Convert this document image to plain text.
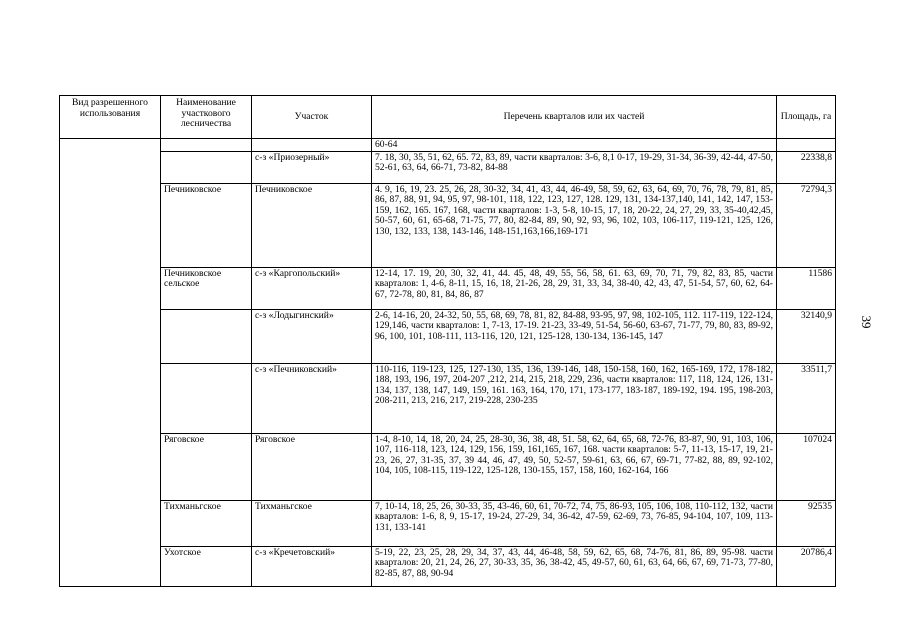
Вид разрешенного использования	Наименование участкового лесничества	Участок	Перечень кварталов или их частей	Площадь, га
			60-64	
		с-з «Приозерный»	7. 18, 30, 35, 51, 62, 65. 72, 83, 89, части кварталов: 3-6, 8,1 0-17, 19-29, 31-34, 36-39, 42-44, 47-50, 52-61, 63, 64, 66-71, 73-82, 84-88	22338,8
	Печниковское	Печниковское	4. 9, 16, 19, 23. 25, 26, 28, 30-32, 34, 41, 43, 44, 46-49, 58, 59, 62, 63, 64, 69, 70, 76, 78, 79, 81, 85, 86, 87, 88, 91, 94, 95, 97, 98-101, 118, 122, 123, 127, 128. 129, 131, 134-137,140, 141, 142, 147, 153-159, 162, 165. 167, 168, части кварталов: 1-3, 5-8, 10-15, 17, 18, 20-22, 24, 27, 29, 33, 35-40,42,45, 50-57, 60, 61, 65-68, 71-75, 77, 80, 82-84, 89, 90, 92, 93, 96, 102, 103, 106-117, 119-121, 125, 126, 130, 132, 133, 138, 143-146, 148-151,163,166,169-171	72794,3
	Печниковское сельское	с-з «Каргопольский»	12-14, 17. 19, 20, 30, 32, 41, 44. 45, 48, 49, 55, 56, 58, 61. 63, 69, 70, 71, 79, 82, 83, 85, части кварталов: 1, 4-6, 8-11, 15, 16, 18, 21-26, 28, 29, 31, 33, 34, 38-40, 42, 43, 47, 51-54, 57, 60, 62, 64-67, 72-78, 80, 81, 84, 86, 87	11586
		с-з «Лодыгинский»	2-6, 14-16, 20, 24-32, 50, 55, 68, 69, 78, 81, 82, 84-88, 93-95, 97, 98, 102-105, 112. 117-119, 122-124, 129,146, части кварталов: 1, 7-13, 17-19. 21-23, 33-49, 51-54, 56-60, 63-67, 71-77, 79, 80, 83, 89-92, 96, 100, 101, 108-111, 113-116, 120, 121, 125-128, 130-134, 136-145, 147	32140,9
		с-з «Печниковский»	110-116, 119-123, 125, 127-130, 135, 136, 139-146, 148, 150-158, 160, 162, 165-169, 172, 178-182, 188, 193, 196, 197, 204-207 ,212, 214, 215, 218, 229, 236, части кварталов: 117, 118, 124, 126, 131-134, 137, 138, 147, 149, 159, 161. 163, 164, 170, 171, 173-177, 183-187, 189-192, 194. 195, 198-203, 208-211, 213, 216, 217, 219-228, 230-235	33511,7
	Ряговское	Ряговское	1-4, 8-10, 14, 18, 20, 24, 25, 28-30, 36, 38, 48, 51. 58, 62, 64, 65, 68, 72-76, 83-87, 90, 91, 103, 106, 107, 116-118, 123, 124, 129, 156, 159, 161,165, 167, 168. части кварталов: 5-7, 11-13, 15-17, 19, 21-23, 26, 27, 31-35, 37, 39 44, 46, 47, 49, 50, 52-57, 59-61, 63, 66, 67, 69-71, 77-82, 88, 89, 92-102, 104, 105, 108-115, 119-122, 125-128, 130-155, 157, 158, 160, 162-164, 166	107024
	Тихманьгское	Тихманьгское	7, 10-14, 18, 25, 26, 30-33, 35, 43-46, 60, 61, 70-72, 74, 75, 86-93, 105, 106, 108, 110-112, 132, части кварталов: 1-6, 8, 9, 15-17, 19-24, 27-29, 34, 36-42, 47-59, 62-69, 73, 76-85, 94-104, 107, 109, 113-131, 133-141	92535
	Ухотское	с-з «Кречетовский»	5-19, 22, 23, 25, 28, 29, 34, 37, 43, 44, 46-48, 58, 59, 62, 65, 68, 74-76, 81, 86, 89, 95-98. части кварталов: 20, 21, 24, 26, 27, 30-33, 35, 36, 38-42, 45, 49-57, 60, 61, 63, 64, 66, 67, 69, 71-73, 77-80, 82-85, 87, 88, 90-94	20786,4
39
